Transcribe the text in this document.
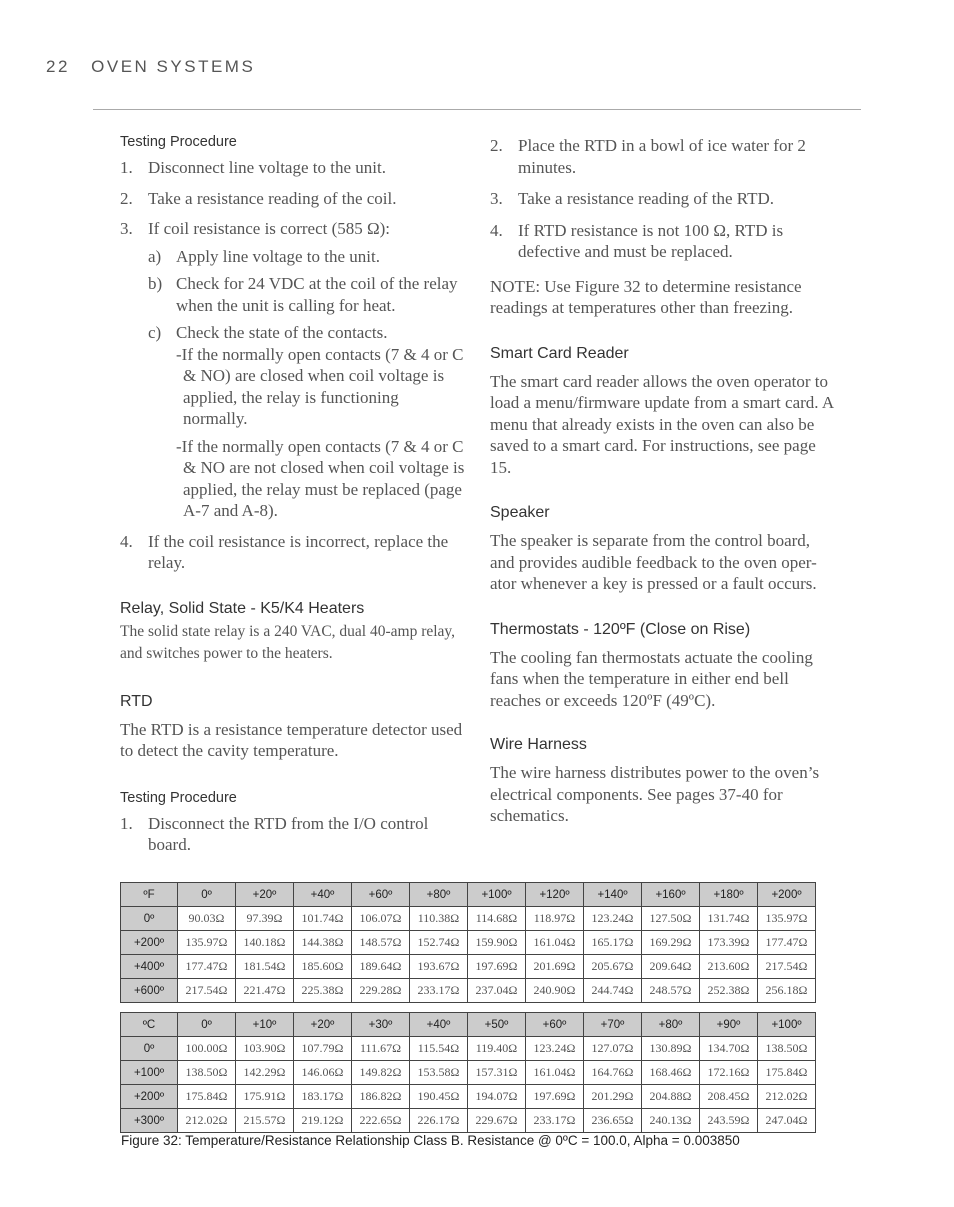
22 OVEN SYSTEMS

Testing Procedure

1. Disconnect line voltage to the unit.
2. Take a resistance reading of the coil.
3. If coil resistance is correct (585 Ω):
a) Apply line voltage to the unit.
b) Check for 24 VDC at the coil of the relay when the unit is calling for heat.
c) Check the state of the contacts.
-If the normally open contacts (7 & 4 or C & NO) are closed when coil voltage is applied, the relay is functioning normally.
-If the normally open contacts (7 & 4 or C & NO are not closed when coil voltage is applied, the relay must be replaced (page A-7 and A-8).
4. If the coil resistance is incorrect, replace the relay.

Relay, Solid State - K5/K4 Heaters

The solid state relay is a 240 VAC, dual 40-amp relay, and switches power to the heaters.

RTD

The RTD is a resistance temperature detector used to detect the cavity temperature.

Testing Procedure

1. Disconnect the RTD from the I/O control board.
2. Place the RTD in a bowl of ice water for 2 minutes.
3. Take a resistance reading of the RTD.
4. If RTD resistance is not 100 Ω, RTD is defective and must be replaced.

NOTE: Use Figure 32 to determine resistance readings at temperatures other than freezing.

Smart Card Reader

The smart card reader allows the oven operator to load a menu/firmware update from a smart card. A menu that already exists in the oven can also be saved to a smart card. For instructions, see page 15.

Speaker

The speaker is separate from the control board, and provides audible feedback to the oven oper- ator whenever a key is pressed or a fault occurs.

Thermostats - 120ºF (Close on Rise)

The cooling fan thermostats actuate the cooling fans when the temperature in either end bell reaches or exceeds 120ºF (49ºC).

Wire Harness

The wire harness distributes power to the oven’s electrical components. See pages 37-40 for schematics.

ºF	0º	+20º	+40º	+60º	+80º	+100º	+120º	+140º	+160º	+180º	+200º
0º	90.03Ω	97.39Ω	101.74Ω	106.07Ω	110.38Ω	114.68Ω	118.97Ω	123.24Ω	127.50Ω	131.74Ω	135.97Ω
+200º	135.97Ω	140.18Ω	144.38Ω	148.57Ω	152.74Ω	159.90Ω	161.04Ω	165.17Ω	169.29Ω	173.39Ω	177.47Ω
+400º	177.47Ω	181.54Ω	185.60Ω	189.64Ω	193.67Ω	197.69Ω	201.69Ω	205.67Ω	209.64Ω	213.60Ω	217.54Ω
+600º	217.54Ω	221.47Ω	225.38Ω	229.28Ω	233.17Ω	237.04Ω	240.90Ω	244.74Ω	248.57Ω	252.38Ω	256.18Ω
ºC	0º	+10º	+20º	+30º	+40º	+50º	+60º	+70º	+80º	+90º	+100º
0º	100.00Ω	103.90Ω	107.79Ω	111.67Ω	115.54Ω	119.40Ω	123.24Ω	127.07Ω	130.89Ω	134.70Ω	138.50Ω
+100º	138.50Ω	142.29Ω	146.06Ω	149.82Ω	153.58Ω	157.31Ω	161.04Ω	164.76Ω	168.46Ω	172.16Ω	175.84Ω
+200º	175.84Ω	175.91Ω	183.17Ω	186.82Ω	190.45Ω	194.07Ω	197.69Ω	201.29Ω	204.88Ω	208.45Ω	212.02Ω
+300º	212.02Ω	215.57Ω	219.12Ω	222.65Ω	226.17Ω	229.67Ω	233.17Ω	236.65Ω	240.13Ω	243.59Ω	247.04Ω
Figure 32: Temperature/Resistance Relationship Class B. Resistance @ 0ºC = 100.0, Alpha = 0.003850
